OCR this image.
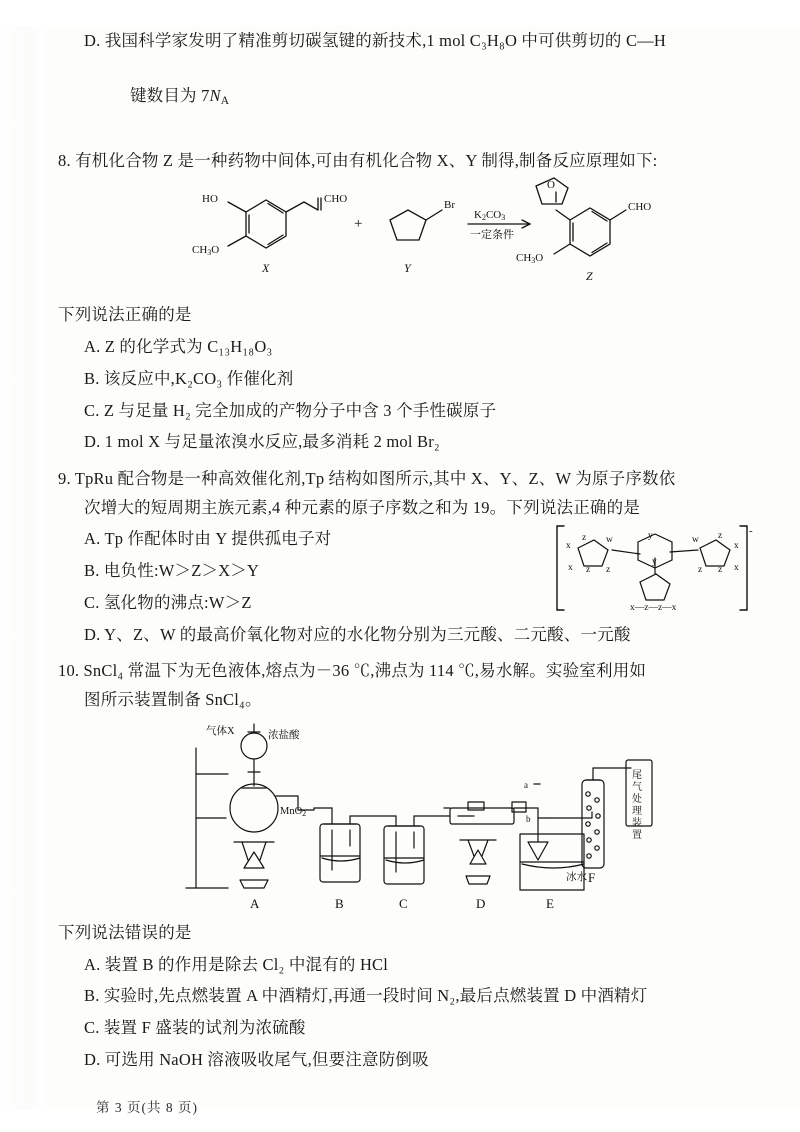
D. 我国科学家发明了精准剪切碳氢键的新技术,1 mol C₃H₈O 中可供剪切的 C—H

键数目为 $7N_A$

8. 有机化合物 Z 是一种药物中间体,可由有机化合物 X、Y 制得,制备反应原理如下:
HO
CH3O
CHO
X
Br
Y
+
K2CO3
一定条件
O
CH3O
CHO
Z
下列说法正确的是
A. Z 的化学式为 C₁₃H₁₈O₃
B. 该反应中,K₂CO₃ 作催化剂
C. Z 与足量 H₂ 完全加成的产物分子中含 3 个手性碳原子
D. 1 mol X 与足量浓溴水反应,最多消耗 2 mol Br₂
9. TpRu 配合物是一种高效催化剂,Tp 结构如图所示,其中 X、Y、Z、W 为原子序数依
次增大的短周期主族元素,4 种元素的原子序数之和为 19。下列说法正确的是
A. Tp 作配体时由 Y 提供孤电子对
B. 电负性:W＞Z＞X＞Y
C. 氢化物的沸点:W＞Z
x
z w
x z z
y
y
w z
x
z z x
x—z—z—x
-
D. Y、Z、W 的最高价氧化物对应的水化物分别为三元酸、二元酸、一元酸
10. SnCl₄ 常温下为无色液体,熔点为－36 ℃,沸点为 114 ℃,易水解。实验室利用如
图所示装置制备 SnCl₄。
气体X	浓盐酸
MnO2
冰水
a
b
尾
气
处
理
装
置
A	B	C	D	E
F
下列说法错误的是
A. 装置 B 的作用是除去 Cl₂ 中混有的 HCl
B. 实验时,先点燃装置 A 中酒精灯,再通一段时间 N₂,最后点燃装置 D 中酒精灯
C. 装置 F 盛装的试剂为浓硫酸
D. 可选用 NaOH 溶液吸收尾气,但要注意防倒吸
第 3 页(共 8 页)
